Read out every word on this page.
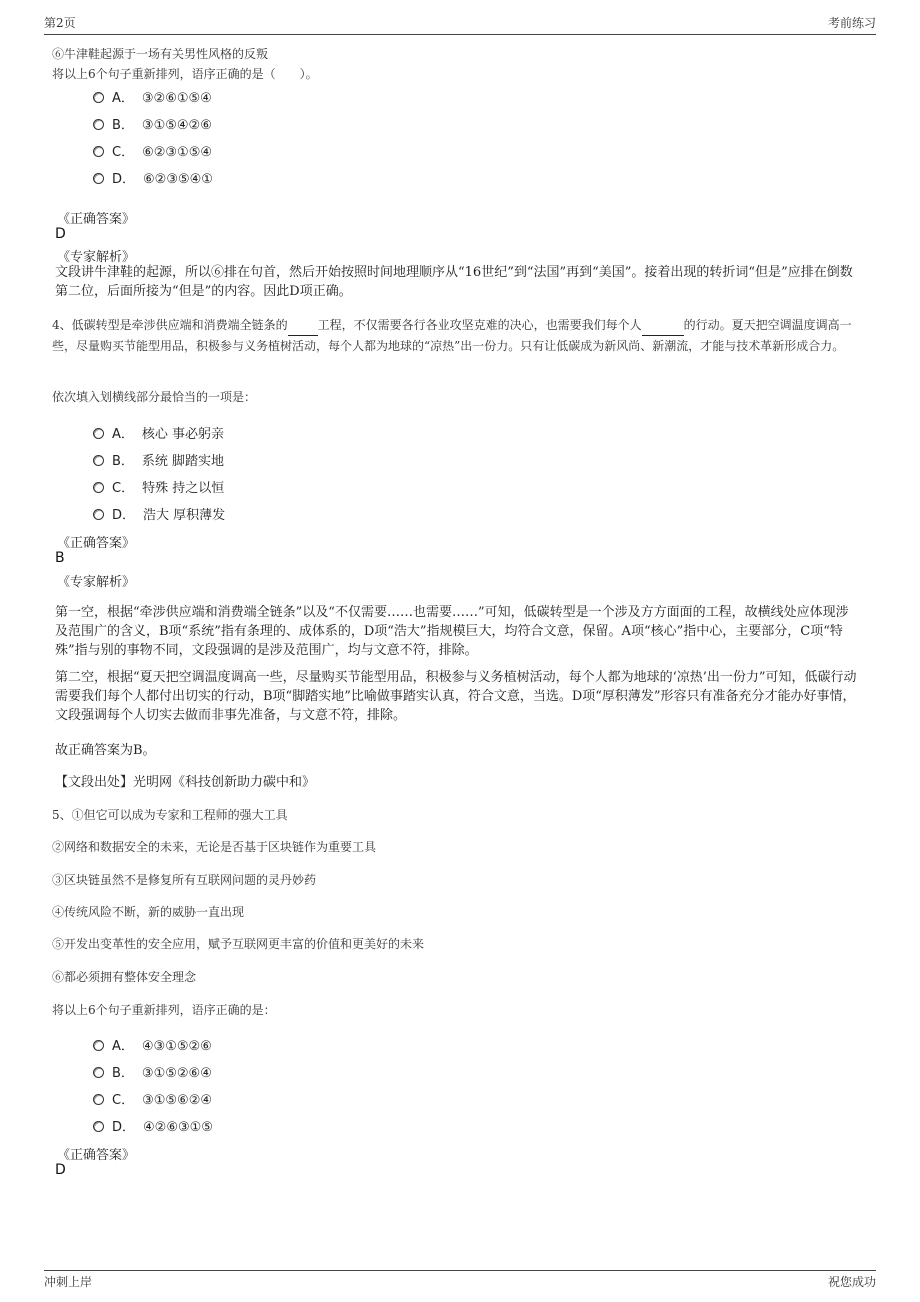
第2页	考前练习
⑥牛津鞋起源于一场有关男性风格的反叛
将以上6个句子重新排列，语序正确的是（　　）。
A． ③②⑥①⑤④
B． ③①⑤④②⑥
C． ⑥②③①⑤④
D． ⑥②③⑤④①
《正确答案》
D
《专家解析》

文段讲牛津鞋的起源，所以⑥排在句首，然后开始按照时间地理顺序从“16世纪”到“法国”再到“美国”。接着出现的转折词“但是”应排在倒数第二位，后面所接为“但是”的内容。因此D项正确。

4、低碳转型是牵涉供应端和消费端全链条的	工程，不仅需要各行各业攻坚克难的决心，也需要我们每个人	的行动。夏天把空调温度调高一些，尽量购买节能型用品，积极参与义务植树活动，每个人都为地球的“凉热”出一份力。只有让低碳成为新风尚、新潮流，才能与技术革新形成合力。

依次填入划横线部分最恰当的一项是：
A． 核心 事必躬亲
B． 系统 脚踏实地
C． 特殊 持之以恒
D． 浩大 厚积薄发
《正确答案》
B
《专家解析》

第一空，根据“牵涉供应端和消费端全链条”以及“不仅需要……也需要……”可知，低碳转型是一个涉及方方面面的工程，故横线处应体现涉及范围广的含义，B项“系统”指有条理的、成体系的，D项“浩大”指规模巨大，均符合文意，保留。A项“核心”指中心，主要部分，C项“特殊”指与别的事物不同，文段强调的是涉及范围广，均与文意不符，排除。

第二空，根据“夏天把空调温度调高一些，尽量购买节能型用品，积极参与义务植树活动，每个人都为地球的‘凉热’出一份力”可知，低碳行动需要我们每个人都付出切实的行动，B项“脚踏实地”比喻做事踏实认真，符合文意，当选。D项“厚积薄发”形容只有准备充分才能办好事情，文段强调每个人切实去做而非事先准备，与文意不符，排除。

故正确答案为B。
【文段出处】光明网《科技创新助力碳中和》
5、①但它可以成为专家和工程师的强大工具
②网络和数据安全的未来，无论是否基于区块链作为重要工具
③区块链虽然不是修复所有互联网问题的灵丹妙药
④传统风险不断，新的威胁一直出现
⑤开发出变革性的安全应用，赋予互联网更丰富的价值和更美好的未来
⑥都必须拥有整体安全理念
将以上6个句子重新排列，语序正确的是：
A． ④③①⑤②⑥
B． ③①⑤②⑥④
C． ③①⑤⑥②④
D． ④②⑥③①⑤
《正确答案》
D
冲刺上岸	祝您成功
